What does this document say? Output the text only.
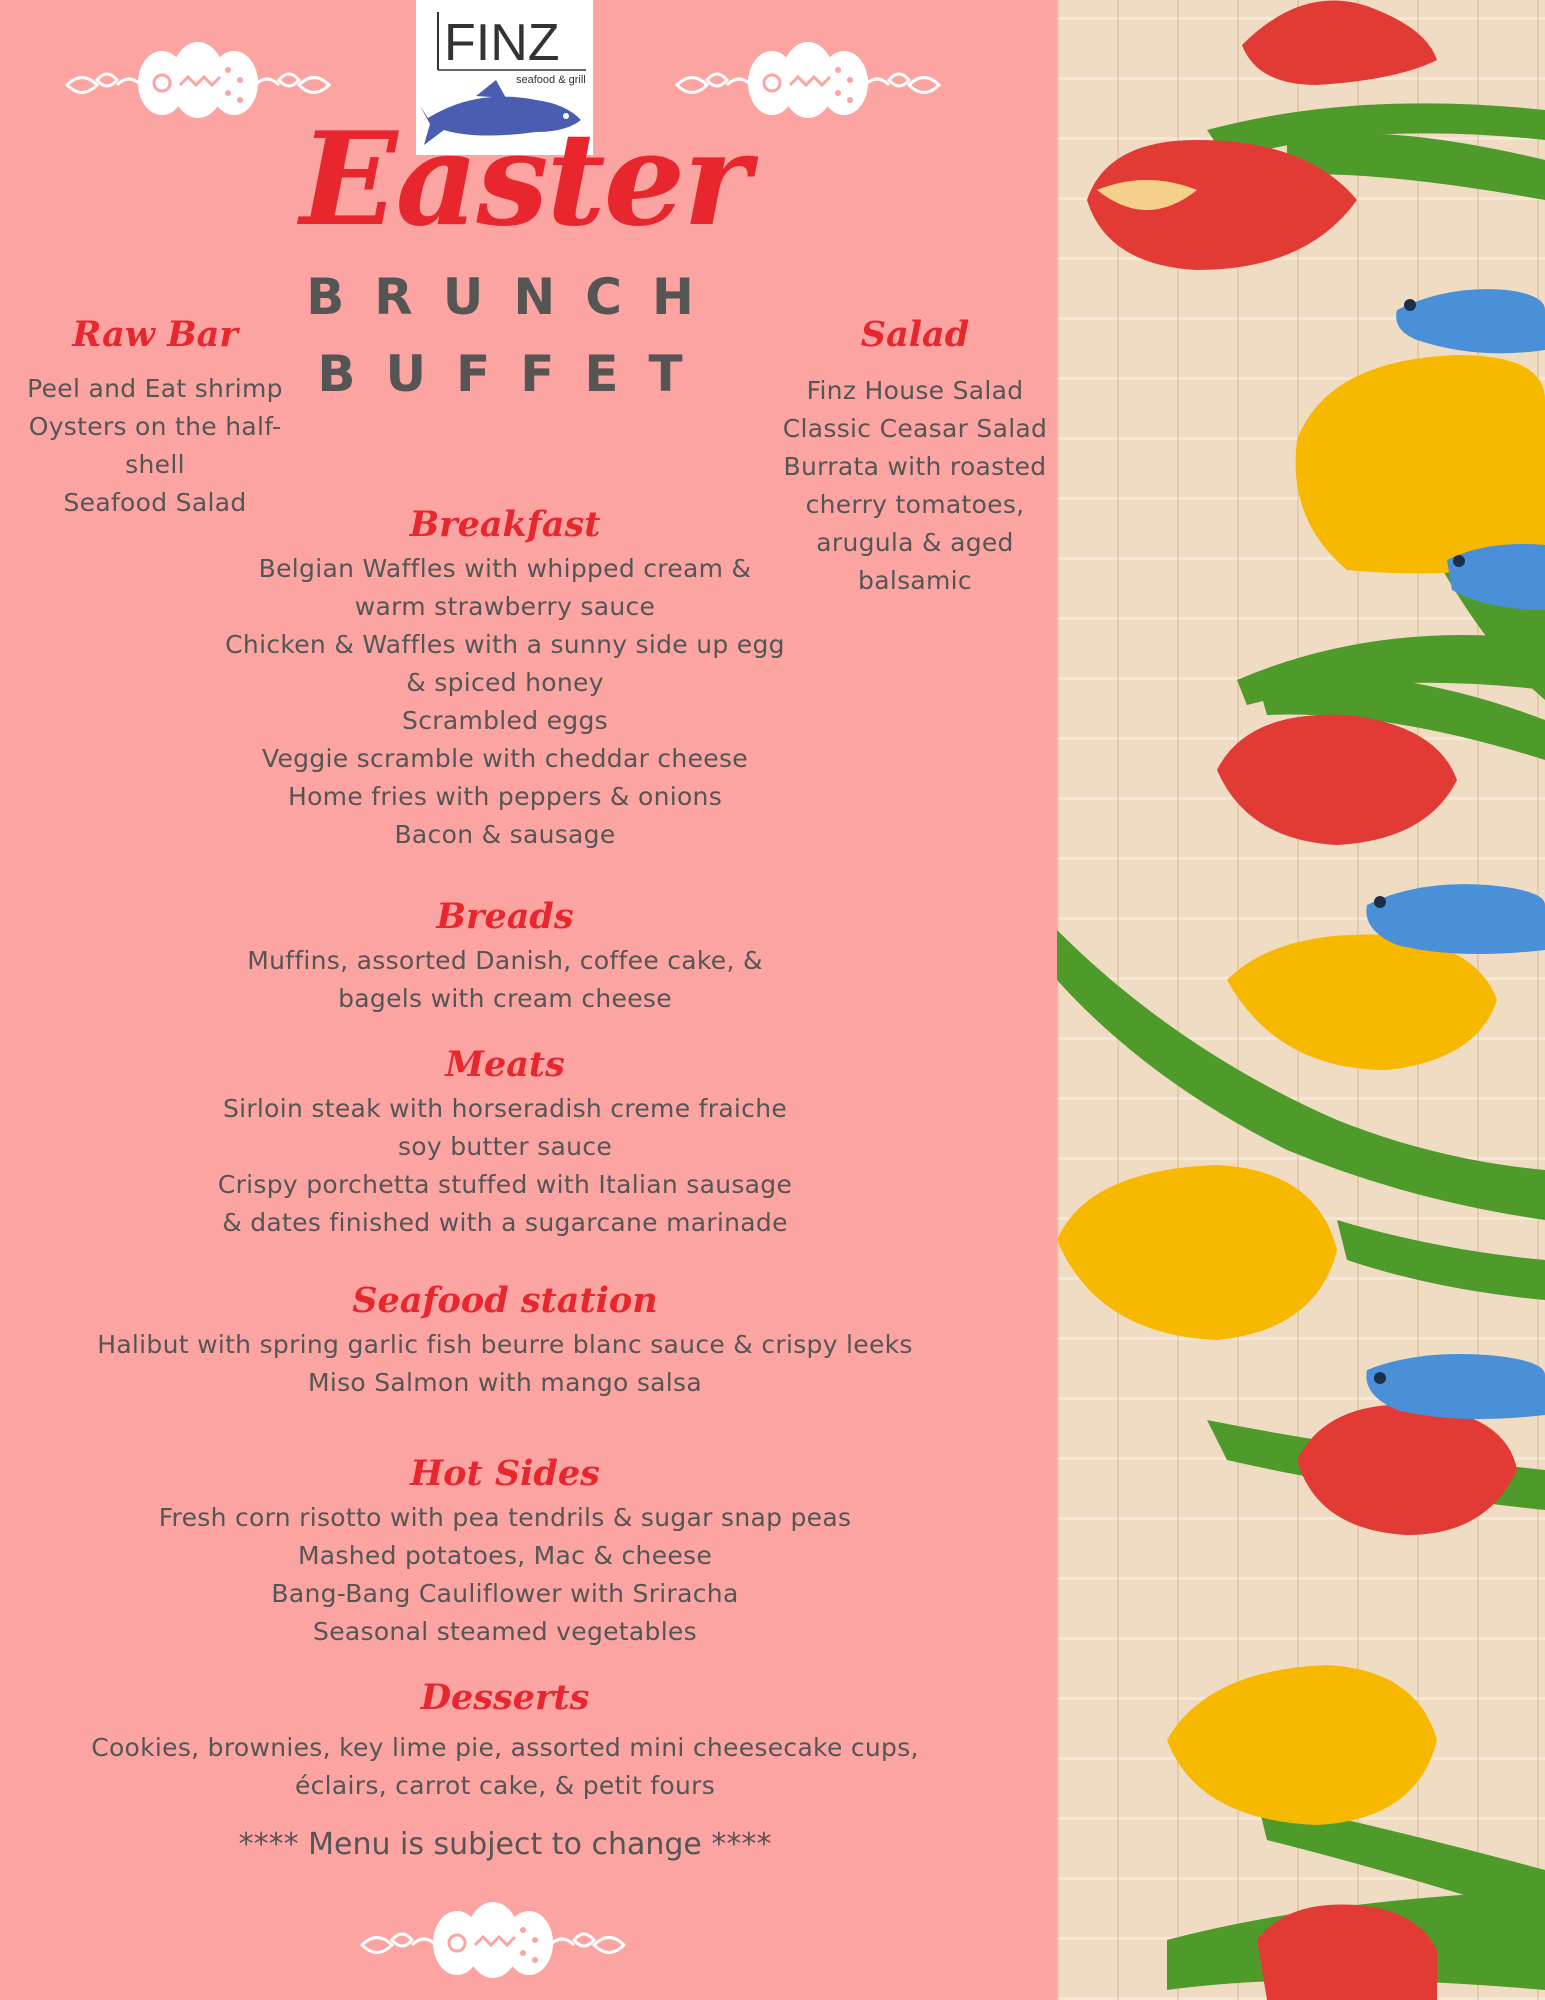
FINZ
seafood & grill
Easter
BRUNCH
BUFFET
Raw Bar
Peel and Eat shrimp
Oysters on the half-shell
Seafood Salad
Salad
Finz House Salad
Classic Ceasar Salad
Burrata with roasted
cherry tomatoes,
arugula & aged
balsamic
Breakfast
Belgian Waffles with whipped cream &
warm strawberry sauce
Chicken & Waffles with a sunny side up egg
& spiced honey
Scrambled eggs
Veggie scramble with cheddar cheese
Home fries with peppers & onions
Bacon & sausage
Breads
Muffins, assorted Danish, coffee cake, &
bagels with cream cheese
Meats
Sirloin steak with horseradish creme fraiche
soy butter sauce
Crispy porchetta stuffed with Italian sausage
& dates finished with a sugarcane marinade
Seafood station
Halibut with spring garlic fish beurre blanc sauce & crispy leeks
Miso Salmon with mango salsa
Hot Sides
Fresh corn risotto with pea tendrils & sugar snap peas
Mashed potatoes, Mac & cheese
Bang-Bang Cauliflower with Sriracha
Seasonal steamed vegetables
Desserts
Cookies, brownies, key lime pie, assorted mini cheesecake cups,
éclairs, carrot cake, & petit fours
**** Menu is subject to change ****
